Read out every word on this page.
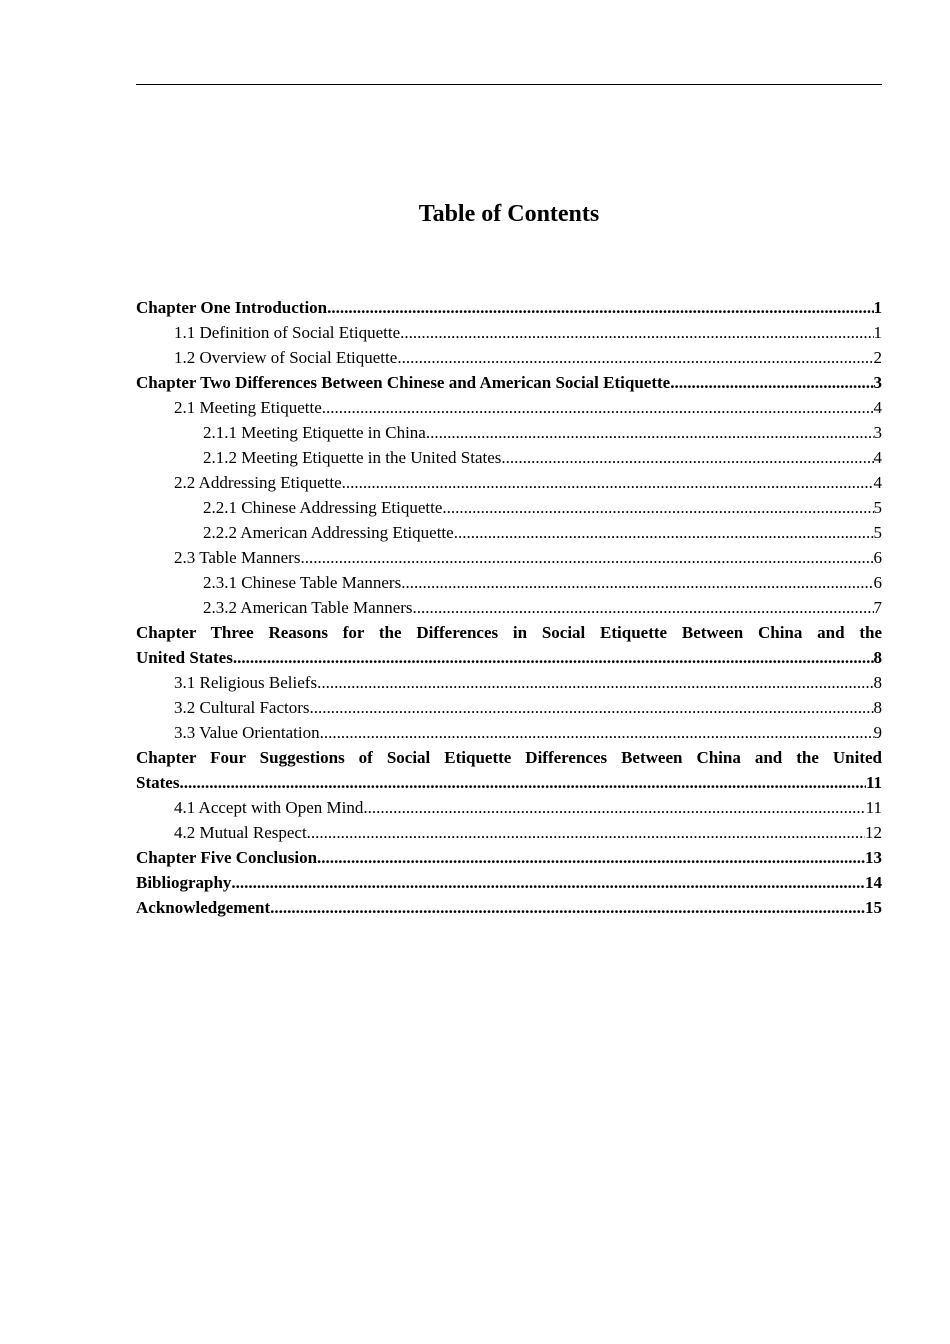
Table of Contents
Chapter One Introduction .....	1
1.1 Definition of Social Etiquette .....	1
1.2 Overview of Social Etiquette .....	2
Chapter Two Differences Between Chinese and American Social Etiquette .....	3
2.1 Meeting Etiquette .....	4
2.1.1 Meeting Etiquette in China .....	3
2.1.2 Meeting Etiquette in the United States .....	4
2.2 Addressing Etiquette .....	4
2.2.1 Chinese Addressing Etiquette .....	5
2.2.2 American Addressing Etiquette .....	5
2.3 Table Manners .....	6
2.3.1 Chinese Table Manners .....	6
2.3.2 American Table Manners .....	7
Chapter Three Reasons for the Differences in Social Etiquette Between China and the
United States .....	8
3.1 Religious Beliefs .....	8
3.2 Cultural Factors .....	8
3.3 Value Orientation .....	9
Chapter Four Suggestions of Social Etiquette Differences Between China and the United
States .....	11
4.1 Accept with Open Mind .....	11
4.2 Mutual Respect .....	12
Chapter Five Conclusion .....	13
Bibliography .....	14
Acknowledgement .....	15
